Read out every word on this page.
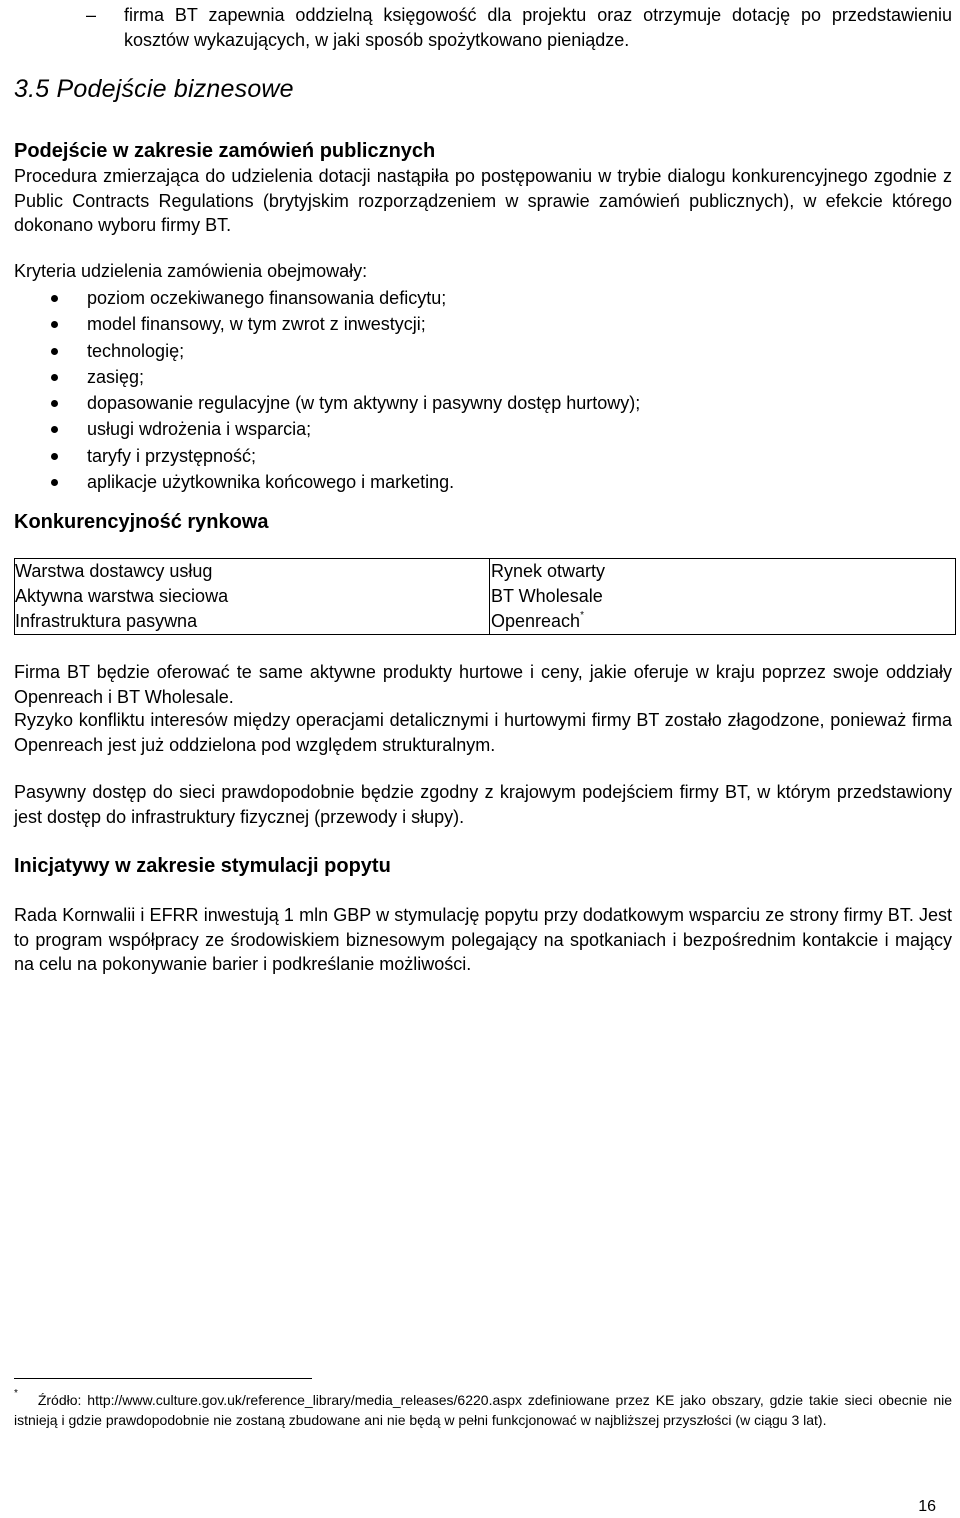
– firma BT zapewnia oddzielną księgowość dla projektu oraz otrzymuje dotację po przedstawieniu kosztów wykazujących, w jaki sposób spożytkowano pieniądze.
3.5 Podejście biznesowe
Podejście w zakresie zamówień publicznych
Procedura zmierzająca do udzielenia dotacji nastąpiła po postępowaniu w trybie dialogu konkurencyjnego zgodnie z Public Contracts Regulations (brytyjskim rozporządzeniem w sprawie zamówień publicznych), w efekcie którego dokonano wyboru firmy BT.
Kryteria udzielenia zamówienia obejmowały:
poziom oczekiwanego finansowania deficytu;
model finansowy, w tym zwrot z inwestycji;
technologię;
zasięg;
dopasowanie regulacyjne (w tym aktywny i pasywny dostęp hurtowy);
usługi wdrożenia i wsparcia;
taryfy i przystępność;
aplikacje użytkownika końcowego i marketing.
Konkurencyjność rynkowa
Warstwa dostawcy usług	Rynek otwarty
Aktywna warstwa sieciowa	BT Wholesale
Infrastruktura pasywna	Openreach*
Firma BT będzie oferować te same aktywne produkty hurtowe i ceny, jakie oferuje w kraju poprzez swoje oddziały Openreach i BT Wholesale.
Ryzyko konfliktu interesów między operacjami detalicznymi i hurtowymi firmy BT zostało złagodzone, ponieważ firma Openreach jest już oddzielona pod względem strukturalnym.
Pasywny dostęp do sieci prawdopodobnie będzie zgodny z krajowym podejściem firmy BT, w którym przedstawiony jest dostęp do infrastruktury fizycznej (przewody i słupy).
Inicjatywy w zakresie stymulacji popytu
Rada Kornwalii i EFRR inwestują 1 mln GBP w stymulację popytu przy dodatkowym wsparciu ze strony firmy BT. Jest to program współpracy ze środowiskiem biznesowym polegający na spotkaniach i bezpośrednim kontakcie i mający na celu na pokonywanie barier i podkreślanie możliwości.
* Źródło: http://www.culture.gov.uk/reference_library/media_releases/6220.aspx zdefiniowane przez KE jako obszary, gdzie takie sieci obecnie nie istnieją i gdzie prawdopodobnie nie zostaną zbudowane ani nie będą w pełni funkcjonować w najbliższej przyszłości (w ciągu 3 lat).
16
